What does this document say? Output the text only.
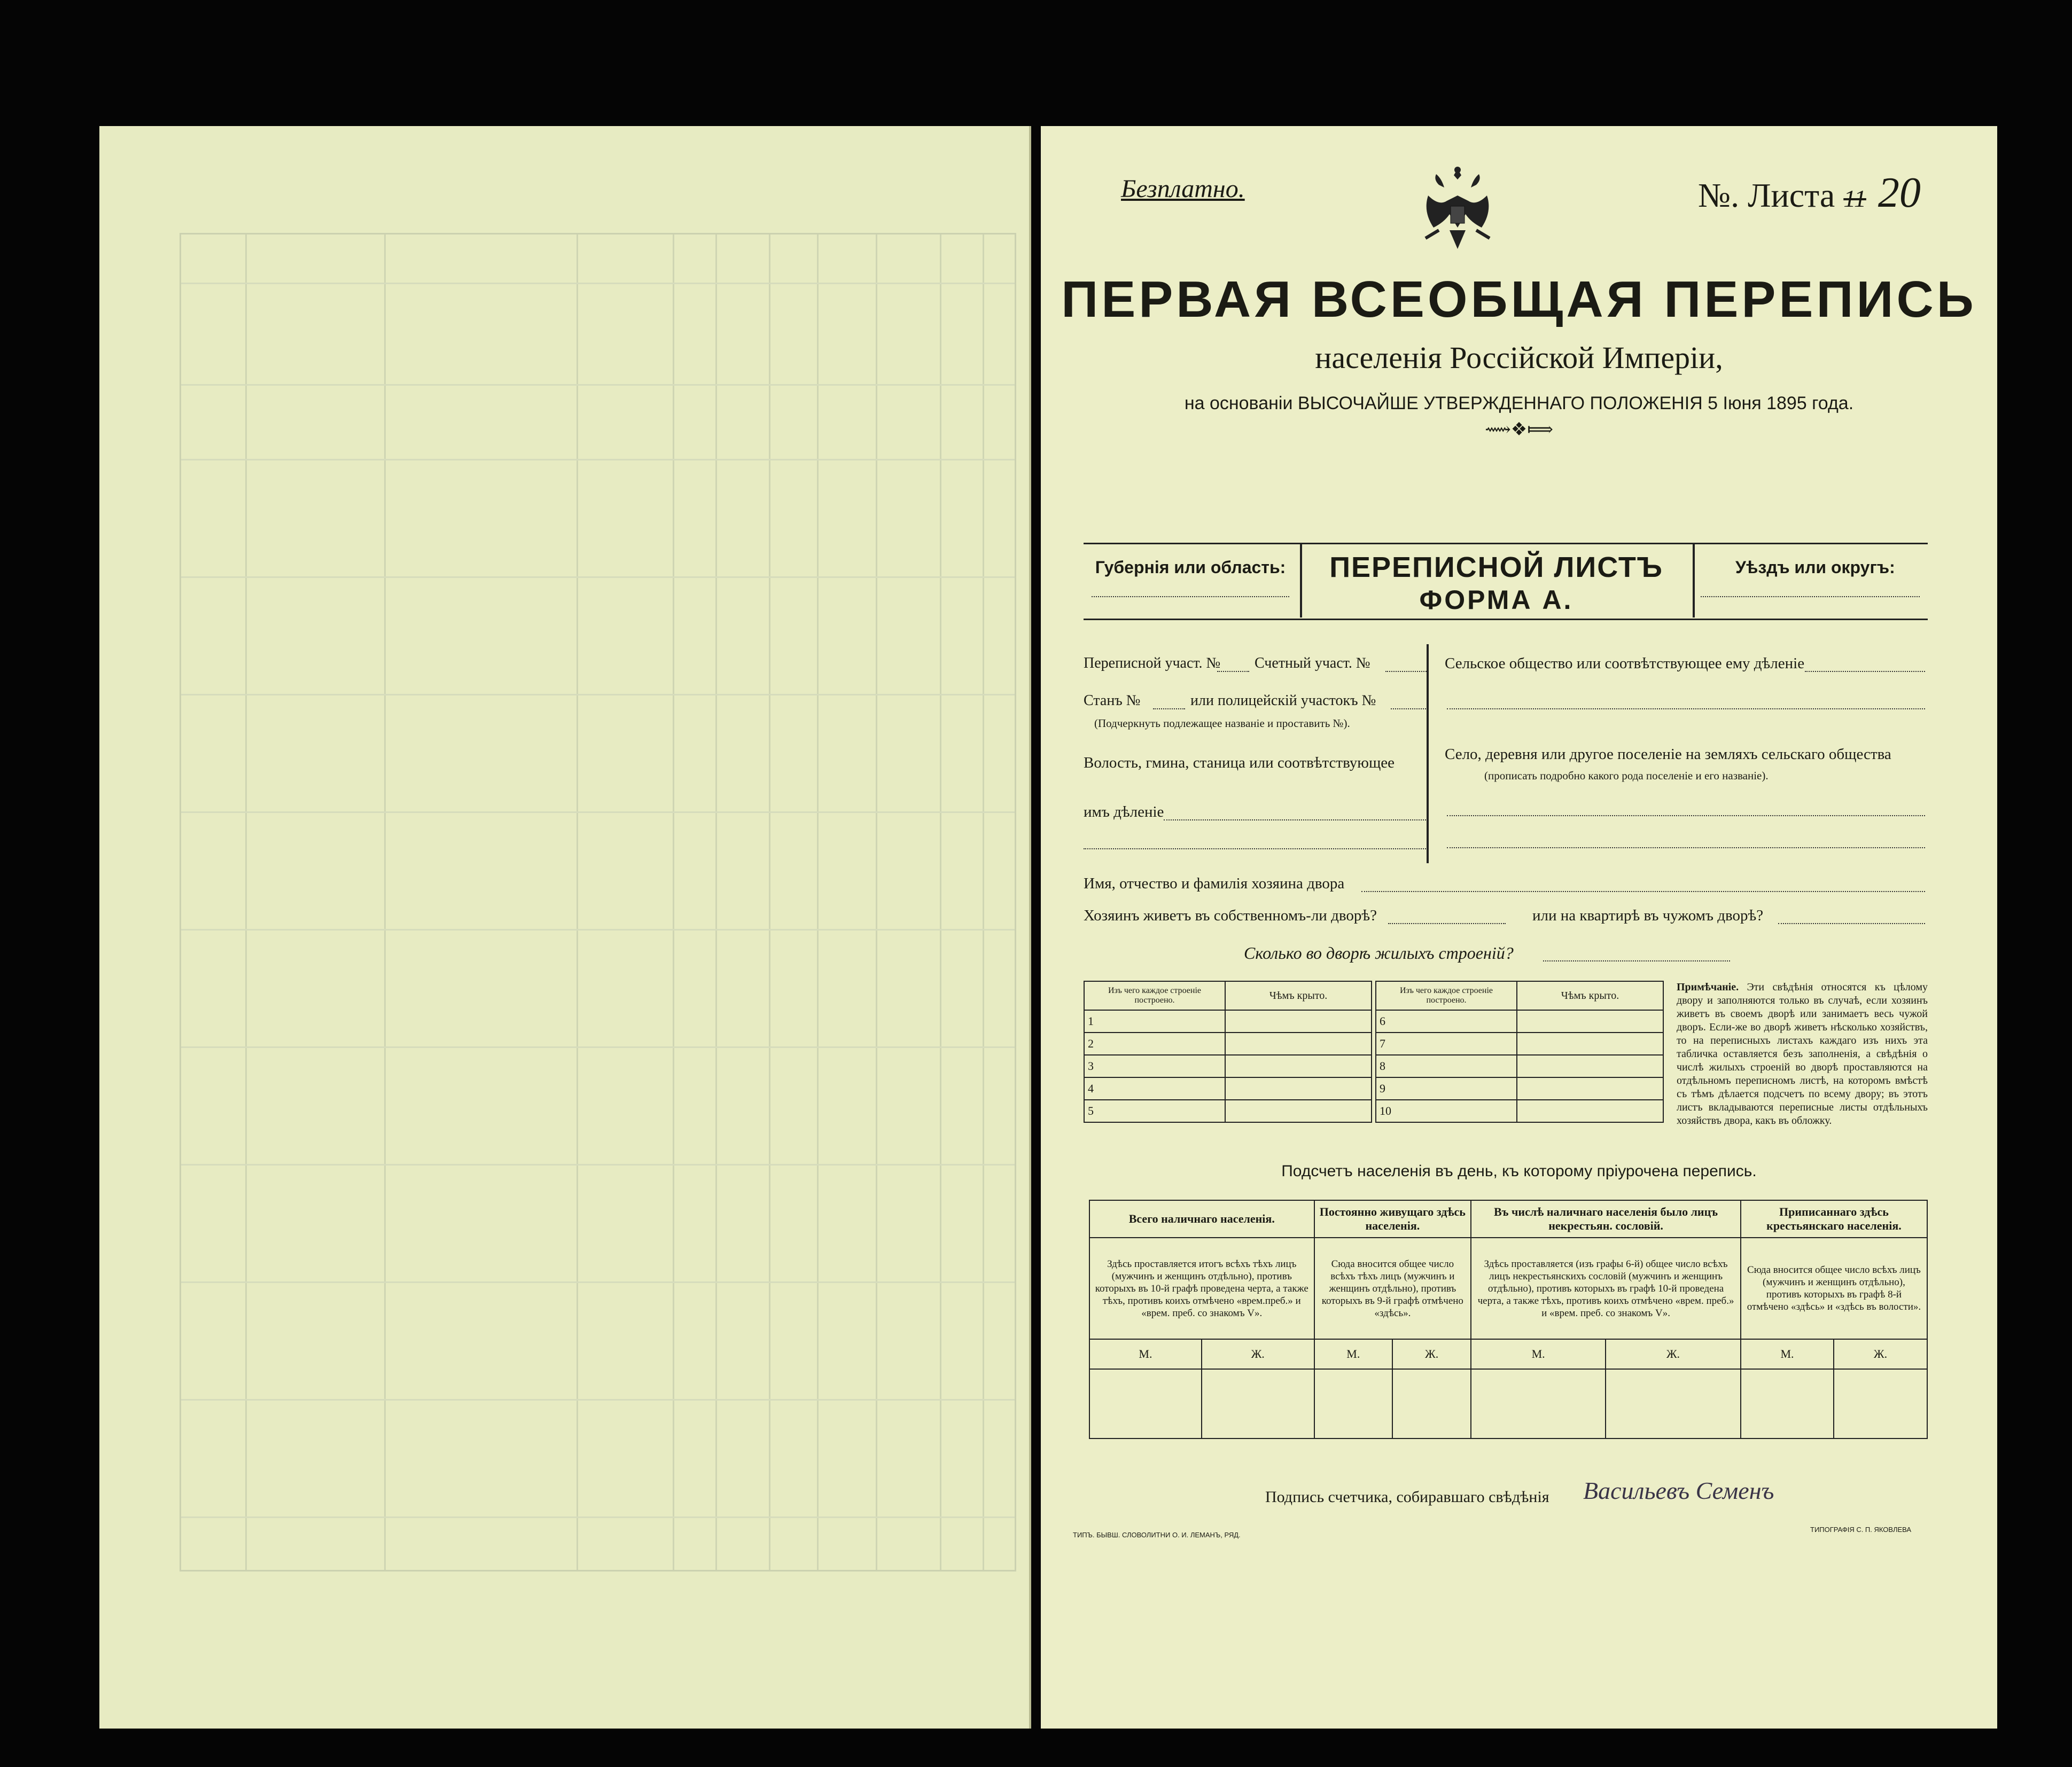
Безплатно.	№. Листа 11 20
ПЕРВАЯ ВСЕОБЩАЯ ПЕРЕПИСЬ
населенія Россійской Имперіи,
на основаніи ВЫСОЧАЙШЕ УТВЕРЖДЕННАГО ПОЛОЖЕНІЯ 5 Іюня 1895 года.
⟿❖⟾
Губернія или область:	ПЕРЕПИСНОЙ ЛИСТЪ
ФОРМА А.
Уѣздъ или округъ:
Переписной участ. № Счетный участ. №
Станъ №	или полицейскій участокъ №
(Подчеркнуть подлежащее названіе и проставить №).
Волость, гмина, станица или соотвѣтствующее
имъ дѣленіе
Сельское общество или соотвѣтствующее ему дѣленіе
Село, деревня или другое поселеніе на земляхъ сельскаго общества
(прописать подробно какого рода поселеніе и его названіе).
Имя, отчество и фамилія хозяина двора
Хозяинъ живетъ въ собственномъ-ли дворѣ?	или на квартирѣ въ чужомъ дворѣ?
Сколько во дворѣ жилыхъ строеній?
Изъ чего каждое строеніе построено.	Чѣмъ крыто.
1	
2	
3	
4	
5	
Изъ чего каждое строеніе построено.	Чѣмъ крыто.
6	
7	
8	
9	
10	
Примѣчаніе. Эти свѣдѣнія относятся къ цѣлому двору и заполняются только въ случаѣ, если хозяинъ живетъ въ своемъ дворѣ или занимаетъ весь чужой дворъ. Если-же во дворѣ живетъ нѣсколько хозяйствъ, то на переписныхъ листахъ каждаго изъ нихъ эта табличка оставляется безъ заполненія, а свѣдѣнія о числѣ жилыхъ строеній во дворѣ проставляются на отдѣльномъ переписномъ листѣ, на которомъ вмѣстѣ съ тѣмъ дѣлается подсчетъ по всему двору; въ этотъ листъ вкладываются переписные листы отдѣльныхъ хозяйствъ двора, какъ въ обложку.
Подсчетъ населенія въ день, къ которому пріурочена перепись.
Всего наличнаго населенія.		Постоянно живущаго здѣсь населенія.		Въ числѣ наличнаго населенія было лицъ некрестьян. сословій.		Приписаннаго здѣсь крестьянскаго населенія.	
Здѣсь проставляется итогъ всѣхъ тѣхъ лицъ (мужчинъ и женщинъ отдѣльно), противъ которыхъ въ 10-й графѣ проведена черта, а также тѣхъ, противъ коихъ отмѣчено «врем.преб.» и «врем. преб. со знакомъ V».		Сюда вносится общее число всѣхъ тѣхъ лицъ (мужчинъ и женщинъ отдѣльно), противъ которыхъ въ 9-й графѣ отмѣчено «здѣсь».		Здѣсь проставляется (изъ графы 6-й) общее число всѣхъ лицъ некрестьянскихъ сословій (мужчинъ и женщинъ отдѣльно), противъ которыхъ въ графѣ 10-й проведена черта, а также тѣхъ, противъ коихъ отмѣчено «врем. преб.» и «врем. преб. со знакомъ V».		Сюда вносится общее число всѣхъ лицъ (мужчинъ и женщинъ отдѣльно), противъ которыхъ въ графѣ 8-й отмѣчено «здѣсь» и «здѣсь въ волости».	
М.	Ж.	М.	Ж.	М.	Ж.	М.	Ж.

Подпись счетчика, собиравшаго свѣдѣнія Васильевъ Семенъ
ТИПЪ. БЫВШ. СЛОВОЛИТНИ О. И. ЛЕМАНЪ, РЯД.
ТИПОГРАФІЯ С. П. ЯКОВЛЕВА
